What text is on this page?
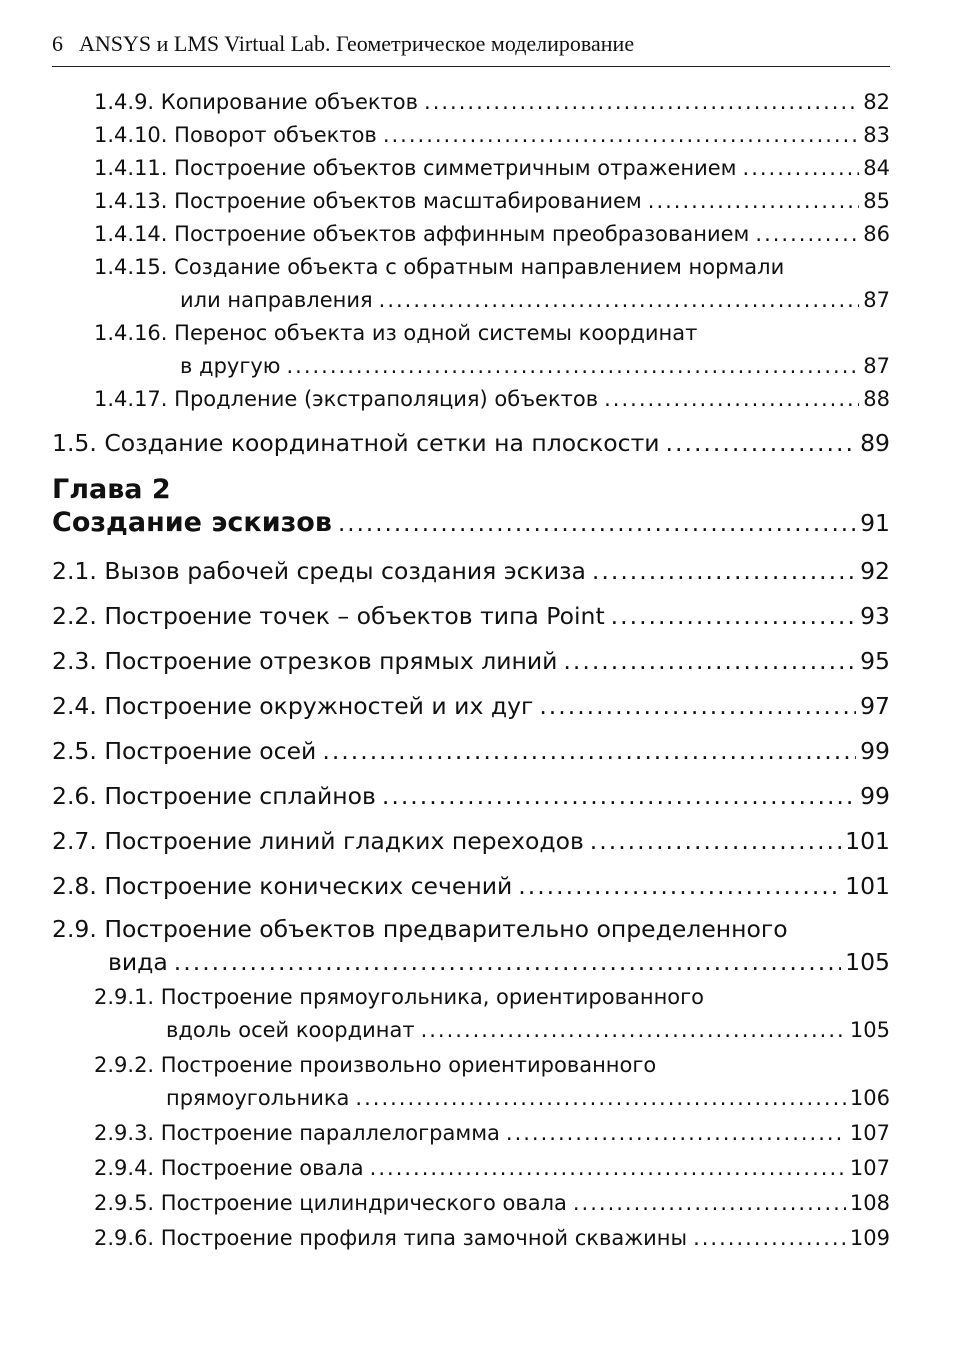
6 ANSYS и LMS Virtual Lab. Геометрическое моделирование
1.4.9. Копирование объектов .....	82
1.4.10. Поворот объектов .....	83
1.4.11. Построение объектов симметричным отражением .....	84
1.4.13. Построение объектов масштабированием .....	85
1.4.14. Построение объектов аффинным преобразованием .....	86
1.4.15. Создание объекта с обратным направлением нормали
или направления .....	87
1.4.16. Перенос объекта из одной системы координат
в другую .....	87
1.4.17. Продление (экстраполяция) объектов .....	88
1.5. Создание координатной сетки на плоскости .....	89
Глава 2
Создание эскизов .....	91
2.1. Вызов рабочей среды создания эскиза .....	92
2.2. Построение точек – объектов типа Point .....	93
2.3. Построение отрезков прямых линий .....	95
2.4. Построение окружностей и их дуг .....	97
2.5. Построение осей .....	99
2.6. Построение сплайнов .....	99
2.7. Построение линий гладких переходов .....	101
2.8. Построение конических сечений .....	101
2.9. Построение объектов предварительно определенного
вида .....	105
2.9.1. Построение прямоугольника, ориентированного
вдоль осей координат .....	105
2.9.2. Построение произвольно ориентированного
прямоугольника .....	106
2.9.3. Построение параллелограмма .....	107
2.9.4. Построение овала .....	107
2.9.5. Построение цилиндрического овала .....	108
2.9.6. Построение профиля типа замочной скважины .....	109
